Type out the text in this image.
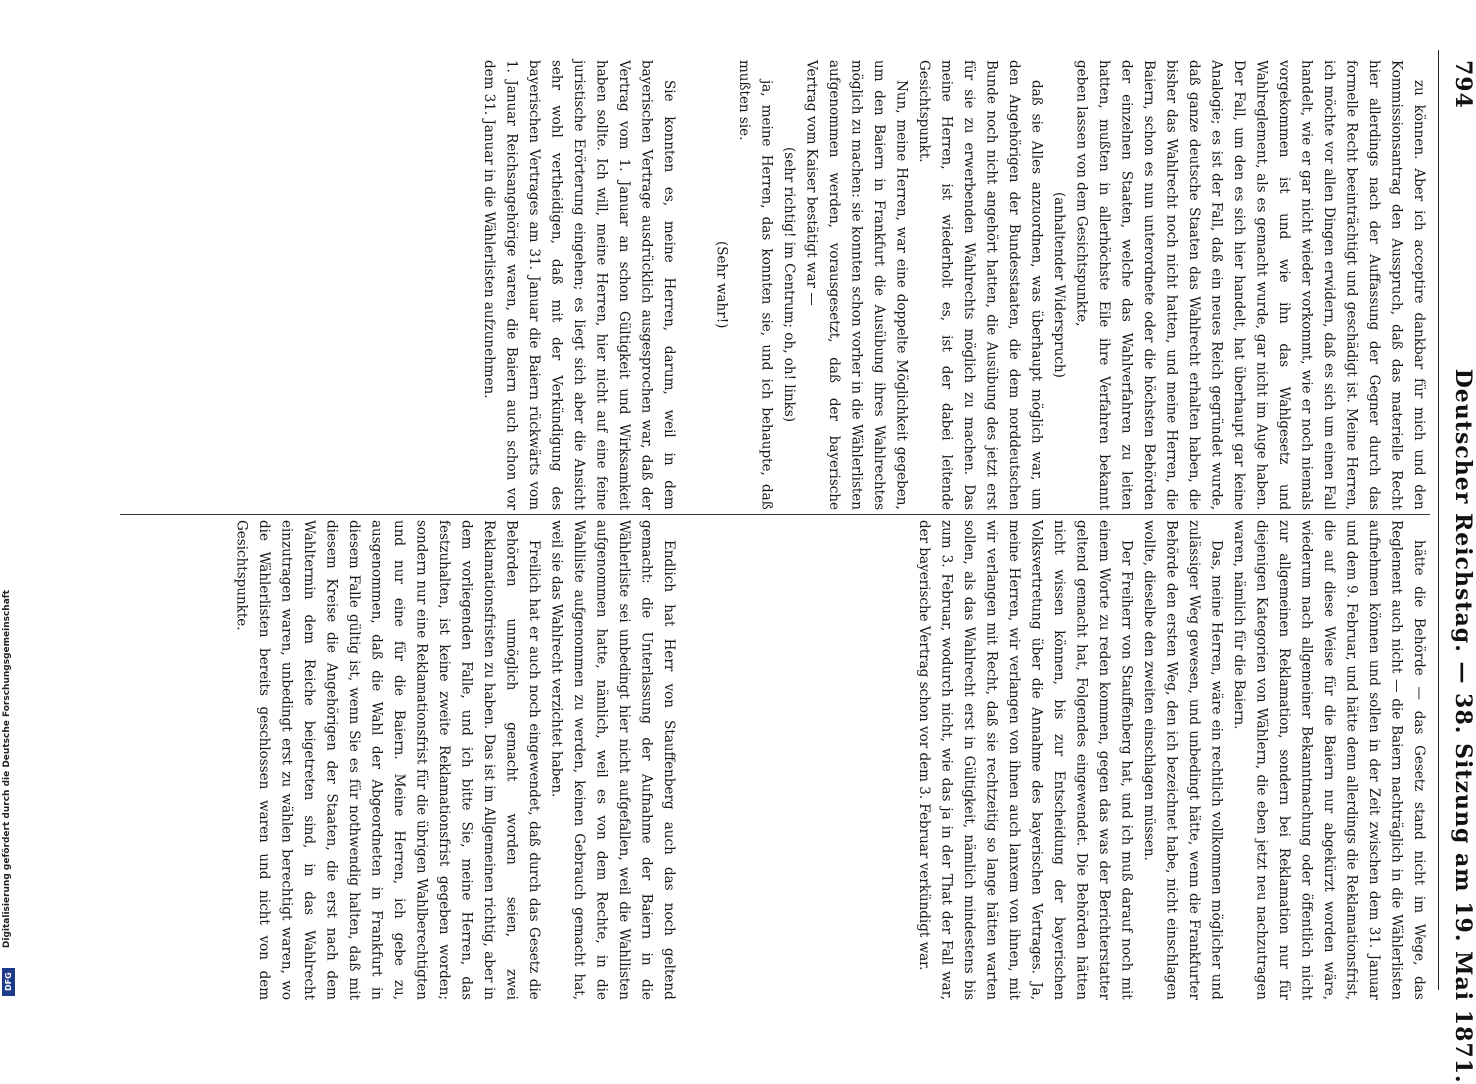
794                              Deutscher Reichstag. — 38. Sitzung am 19. Mai 1871.

zu können. Aber ich acceptire dankbar für mich und den Kommissionsantrag den Ausspruch, daß das materielle Recht hier allerdings nach der Auffassung der Gegner durch das formelle Recht beeinträchtigt und geschädigt ist. Meine Herren, ich möchte vor allen Dingen erwidern, daß es sich um einen Fall handelt, wie er gar nicht wieder vorkommt, wie er noch niemals vorgekommen ist und wie ihn das Wahlgesetz und Wahlreglement, als es gemacht wurde, gar nicht im Auge haben. Der Fall, um den es sich hier handelt, hat überhaupt gar keine Analogie; es ist der Fall, daß ein neues Reich gegründet wurde, daß ganze deutsche Staaten das Wahlrecht erhalten haben, die bisher das Wahlrecht noch nicht hatten, und meine Herren, die Baiern, schon es nun unterordnete oder die höchsten Behörden der einzelnen Staaten, welche das Wahlverfahren zu leiten hatten, mußten in allerhöchste Eile ihre Verfahren bekannt geben lassen von dem Gesichtspunkte,

(anhaltender Widerspruch)

daß sie Alles anzuordnen, was überhaupt möglich war, um den Angehörigen der Bundesstaaten, die dem norddeutschen Bunde noch nicht angehört hatten, die Ausübung des jetzt erst für sie zu erwerbenden Wahlrechts möglich zu machen. Das meine Herren, ist wiederholt es, ist der dabei leitende Gesichtspunkt.

Nun, meine Herren, war eine doppelte Möglichkeit gegeben, um den Baiern in Frankfurt die Ausübung ihres Wahlrechtes möglich zu machen: sie konnten schon vorher in die Wählerlisten aufgenommen werden, vorausgesetzt, daß der bayerische Vertrag vom Kaiser bestätigt war —

(sehr richtig! im Centrum; oh, oh! links)

ja, meine Herren, das konnten sie, und ich behaupte, daß mußten sie.

(Sehr wahr!)

Sie konnten es, meine Herren, darum, weil in dem bayerischen Vertrage ausdrücklich ausgesprochen war, daß der Vertrag vom 1. Januar an schon Gültigkeit und Wirksamkeit haben sollte. Ich will, meine Herren, hier nicht auf eine feine juristische Erörterung eingehen; es liegt sich aber die Ansicht sehr wohl vertheidigen, daß mit der Verkündigung des bayerischen Vertrages am 31. Januar die Baiern rückwärts vom 1. Januar Reichsangehörige waren, die Baiern auch schon vor dem 31. Januar in die Wählerlisten aufzunehmen.

hätte die Behörde — das Gesetz stand nicht im Wege, das Reglement auch nicht — die Baiern nachträglich in die Wählerlisten aufnehmen können und sollen in der Zeit zwischen dem 31. Januar und dem 9. Februar, und hätte denn allerdings die Reklamationsfrist, die auf diese Weise für die Baiern nur abgekürzt worden wäre, wiederum nach allgemeiner Bekanntmachung oder öffentlich nicht zur allgemeinen Reklamation, sondern bei Reklamation nur für diejenigen Kategorien von Wählern, die eben jetzt neu nachzutragen waren, nämlich für die Baiern.

Das, meine Herren, wäre ein rechtlich vollkommen möglicher und zulässiger Weg gewesen, und unbedingt hätte, wenn die Frankfurter Behörde den ersten Weg, den ich bezeichnet habe, nicht einschlagen wollte, dieselbe den zweiten einschlagen müssen.

Der Freiherr von Stauffenberg hat, und ich muß darauf noch mit einem Worte zu reden kommen, gegen das was der Berichterstatter geltend gemacht hat, Folgendes eingewendet. Die Behörden hätten nicht wissen können, bis zur Entscheidung der bayerischen Volksvertretung über die Annahme des bayerischen Vertrages. Ja, meine Herren, wir verlangen von ihnen auch lanxem von ihnen, mit wir verlangen mit Recht, daß sie rechtzeitig so lange hätten warten sollen, als das Wahlrecht erst in Gültigkeit, nämlich mindestens bis zum 3. Februar, wodurch nicht, wie das ja in der That der Fall war, der bayerische Vertrag schon vor dem 3. Februar verkündigt war.

Endlich hat Herr von Stauffenberg auch das noch geltend gemacht: die Unterlassung der Aufnahme der Baiern in die Wählerliste sei unbedingt hier nicht aufgefallen, weil die Wahllisten aufgenommen hatte, nämlich, weil es von dem Rechte, in die Wahlliste aufgenommen zu werden, keinen Gebrauch gemacht hat, weil sie das Wahlrecht verzichtet haben.

Freilich hat er auch noch eingewendet, daß durch das Gesetz die Behörden unmöglich gemacht worden seien, zwei Reklamationsfristen zu haben. Das ist im Allgemeinen richtig, aber in dem vorliegenden Falle, und ich bitte Sie, meine Herren, das festzuhalten, ist keine zweite Reklamationsfrist gegeben worden; sondern nur eine Reklamationsfrist für die übrigen Wahlberechtigten und nur eine für die Baiern. Meine Herren, ich gebe zu, ausgenommen, daß die Wahl der Abgeordneten in Frankfurt in diesem Falle gültig ist, wenn Sie es für nothwendig halten, daß mit diesem Kreise die Angehörigen der Staaten, die erst nach dem Wahltermin dem Reiche beigetreten sind, in das Wahlrecht einzutragen waren, unbedingt erst zu wählen berechtigt waren, wo die Wählerlisten bereits geschlossen waren und nicht von dem Gesichtspunkte.

Digitalisierung gefördert durch die Deutsche Forschungsgemeinschaft
DFG
